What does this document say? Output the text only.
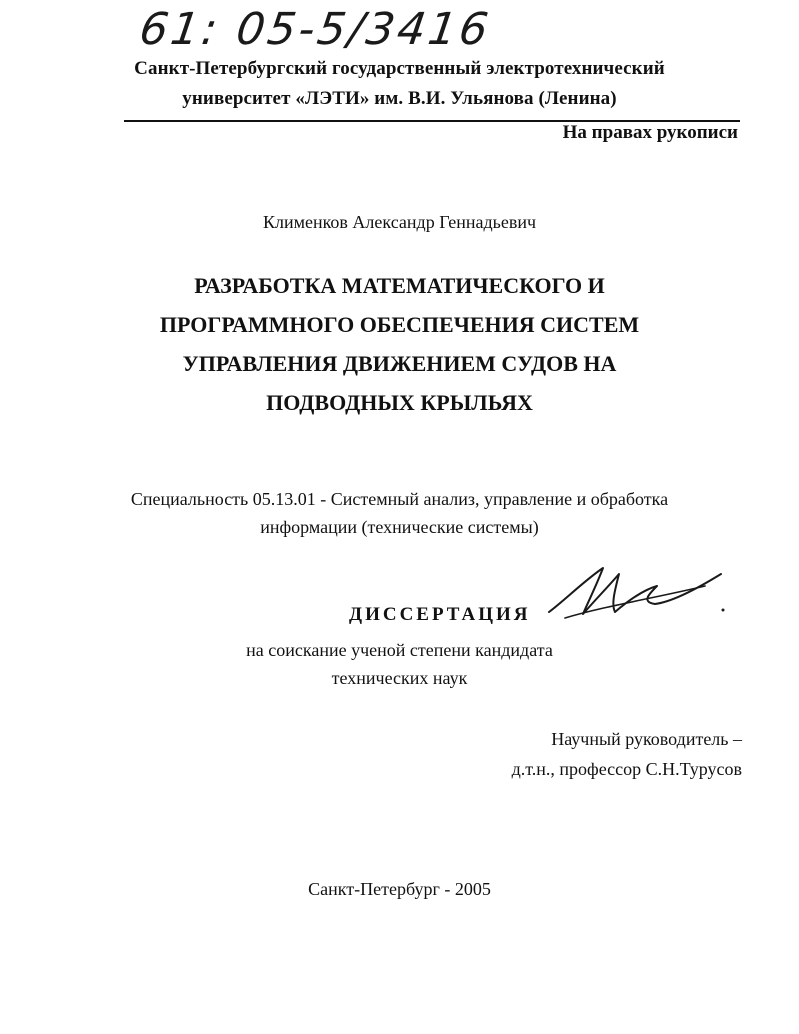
61: 05-5/3416
Санкт-Петербургский государственный электротехнический
университет «ЛЭТИ» им. В.И. Ульянова (Ленина)
На правах рукописи
Клименков Александр Геннадьевич
РАЗРАБОТКА МАТЕМАТИЧЕСКОГО И
ПРОГРАММНОГО ОБЕСПЕЧЕНИЯ СИСТЕМ
УПРАВЛЕНИЯ ДВИЖЕНИЕМ СУДОВ НА
ПОДВОДНЫХ КРЫЛЬЯХ
Специальность 05.13.01 - Системный анализ, управление и обработка
информации (технические системы)
ДИССЕРТАЦИЯ
на соискание ученой степени кандидата
технических наук
Научный руководитель –
д.т.н., профессор С.Н.Турусов
Санкт-Петербург - 2005
